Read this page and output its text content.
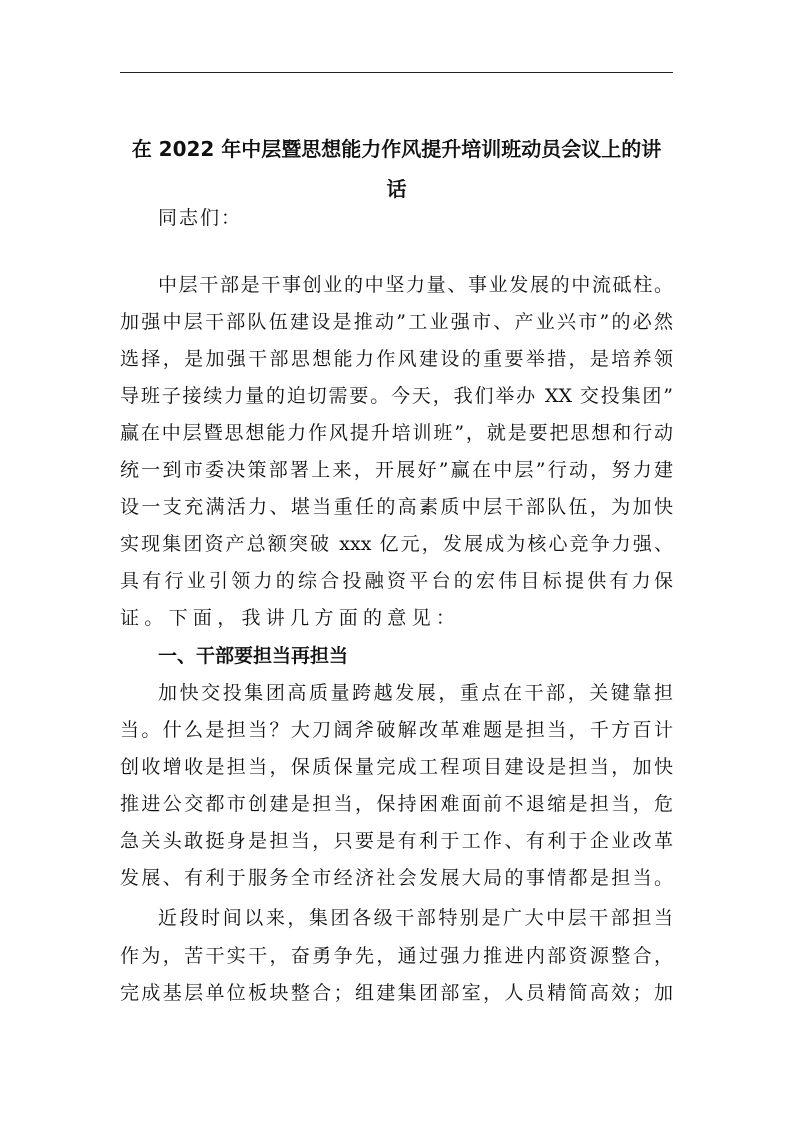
在 2022 年中层暨思想能力作风提升培训班动员会议上的讲
话
同志们：
中层干部是干事创业的中坚力量、事业发展的中流砥柱。
加强中层干部队伍建设是推动”工业强市、产业兴市”的必然
选择，是加强干部思想能力作风建设的重要举措，是培养领
导班子接续力量的迫切需要。今天，我们举办 XX 交投集团”
赢在中层暨思想能力作风提升培训班”，就是要把思想和行动
统一到市委决策部署上来，开展好”赢在中层”行动，努力建
设一支充满活力、堪当重任的高素质中层干部队伍，为加快
实现集团资产总额突破 xxx 亿元，发展成为核心竞争力强、
具有行业引领力的综合投融资平台的宏伟目标提供有力保
证。下面，我讲几方面的意见：
一、干部要担当再担当
加快交投集团高质量跨越发展，重点在干部，关键靠担
当。什么是担当？大刀阔斧破解改革难题是担当，千方百计
创收增收是担当，保质保量完成工程项目建设是担当，加快
推进公交都市创建是担当，保持困难面前不退缩是担当，危
急关头敢挺身是担当，只要是有利于工作、有利于企业改革
发展、有利于服务全市经济社会发展大局的事情都是担当。
近段时间以来，集团各级干部特别是广大中层干部担当
作为，苦干实干，奋勇争先，通过强力推进内部资源整合，
完成基层单位板块整合；组建集团部室，人员精简高效；加
